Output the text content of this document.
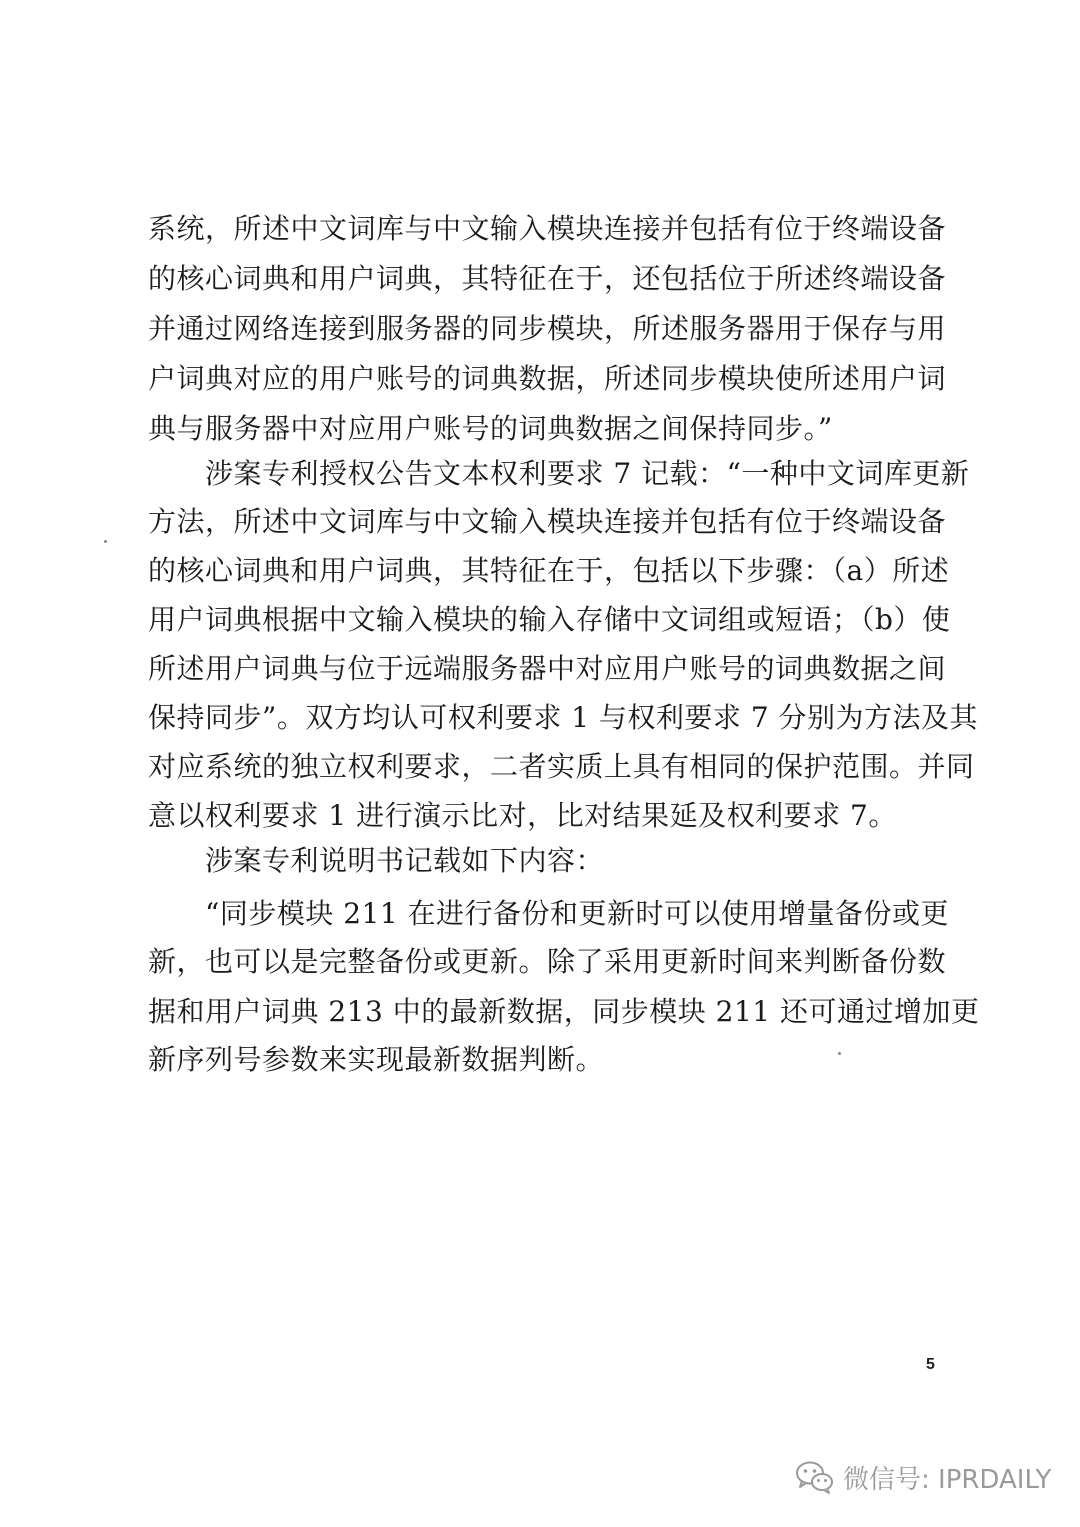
系统，所述中文词库与中文输入模块连接并包括有位于终端设备
的核心词典和用户词典，其特征在于，还包括位于所述终端设备
并通过网络连接到服务器的同步模块，所述服务器用于保存与用
户词典对应的用户账号的词典数据，所述同步模块使所述用户词
典与服务器中对应用户账号的词典数据之间保持同步。”
涉案专利授权公告文本权利要求 7 记载：“一种中文词库更新
方法，所述中文词库与中文输入模块连接并包括有位于终端设备
的核心词典和用户词典，其特征在于，包括以下步骤：（a）所述
用户词典根据中文输入模块的输入存储中文词组或短语；（b）使
所述用户词典与位于远端服务器中对应用户账号的词典数据之间
保持同步”。双方均认可权利要求 1 与权利要求 7 分别为方法及其
对应系统的独立权利要求，二者实质上具有相同的保护范围。并同
意以权利要求 1 进行演示比对，比对结果延及权利要求 7。
涉案专利说明书记载如下内容：
“同步模块 211 在进行备份和更新时可以使用增量备份或更
新，也可以是完整备份或更新。除了采用更新时间来判断备份数
据和用户词典 213 中的最新数据，同步模块 211 还可通过增加更
新序列号参数来实现最新数据判断。
5
微信号: IPRDAILY
